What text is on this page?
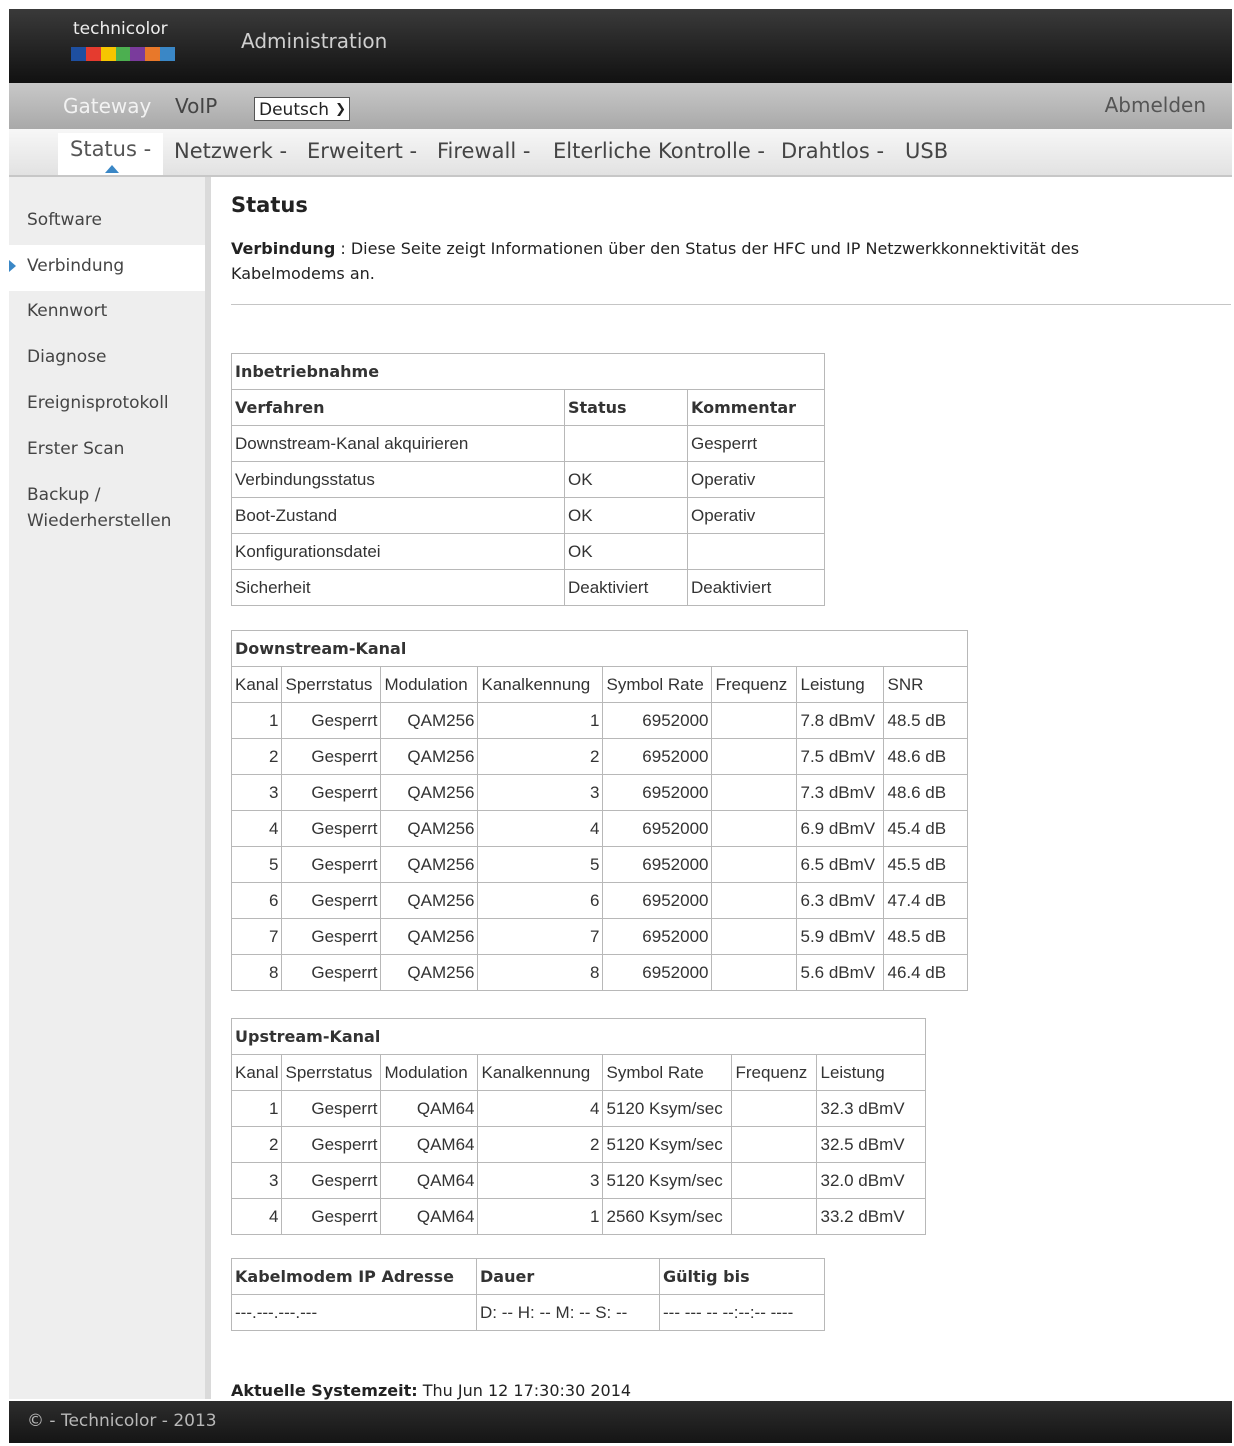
technicolor	Administration
Gateway VoIP Deutsch ❯	Abmelden
Status -	Netzwerk - Erweitert - Firewall - Elterliche Kontrolle - Drahtlos - USB
Software
Verbindung
Kennwort
Diagnose
Ereignisprotokoll
Erster Scan
Backup /
Wiederherstellen
Status
Verbindung : Diese Seite zeigt Informationen über den Status der HFC und IP Netzwerkkonnektivität des Kabelmodems an.
Inbetriebnahme		
Verfahren	Status	Kommentar
Downstream-Kanal akquirieren		Gesperrt
Verbindungsstatus	OK	Operativ
Boot-Zustand	OK	Operativ
Konfigurationsdatei	OK	
Sicherheit	Deaktiviert	Deaktiviert
Downstream-Kanal							
Kanal	Sperrstatus	Modulation	Kanalkennung	Symbol Rate	Frequenz	Leistung	SNR
1	Gesperrt	QAM256	1	6952000		7.8 dBmV	48.5 dB
2	Gesperrt	QAM256	2	6952000		7.5 dBmV	48.6 dB
3	Gesperrt	QAM256	3	6952000		7.3 dBmV	48.6 dB
4	Gesperrt	QAM256	4	6952000		6.9 dBmV	45.4 dB
5	Gesperrt	QAM256	5	6952000		6.5 dBmV	45.5 dB
6	Gesperrt	QAM256	6	6952000		6.3 dBmV	47.4 dB
7	Gesperrt	QAM256	7	6952000		5.9 dBmV	48.5 dB
8	Gesperrt	QAM256	8	6952000		5.6 dBmV	46.4 dB
Upstream-Kanal						
Kanal	Sperrstatus	Modulation	Kanalkennung	Symbol Rate	Frequenz	Leistung
1	Gesperrt	QAM64	4	5120 Ksym/sec		32.3 dBmV
2	Gesperrt	QAM64	2	5120 Ksym/sec		32.5 dBmV
3	Gesperrt	QAM64	3	5120 Ksym/sec		32.0 dBmV
4	Gesperrt	QAM64	1	2560 Ksym/sec		33.2 dBmV
Kabelmodem IP Adresse	Dauer	Gültig bis
---.---.---.---	D: -- H: -- M: -- S: --	--- --- -- --:--:-- ----
Aktuelle Systemzeit: Thu Jun 12 17:30:30 2014
© - Technicolor - 2013
